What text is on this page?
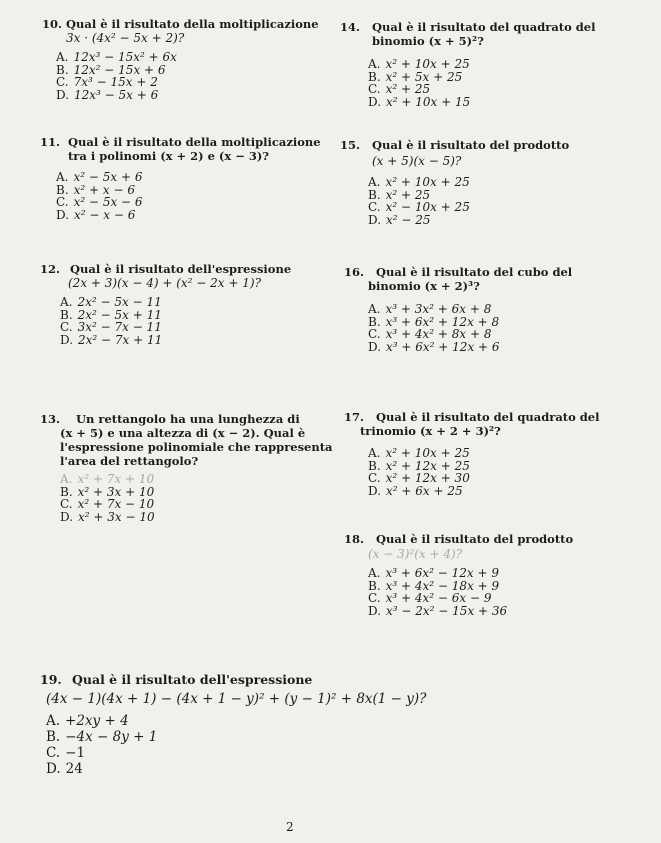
10. Qual è il risultato della moltiplicazione
3x · (4x² − 5x + 2)?
A. 12x³ − 15x² + 6x
B. 12x² − 15x + 6
C. 7x³ − 15x + 2
D. 12x³ − 5x + 6
14. Qual è il risultato del quadrato del
binomio (x + 5)²?
A. x² + 10x + 25
B. x² + 5x + 25
C. x² + 25
D. x² + 10x + 15
11. Qual è il risultato della moltiplicazione
tra i polinomi (x + 2) e (x − 3)?
A. x² − 5x + 6
B. x² + x − 6
C. x² − 5x − 6
D. x² − x − 6
15. Qual è il risultato del prodotto
(x + 5)(x − 5)?
A. x² + 10x + 25
B. x² + 25
C. x² − 10x + 25
D. x² − 25
12. Qual è il risultato dell'espressione
(2x + 3)(x − 4) + (x² − 2x + 1)?
A. 2x² − 5x − 11
B. 2x² − 5x + 11
C. 3x² − 7x − 11
D. 2x² − 7x + 11
16. Qual è il risultato del cubo del
binomio (x + 2)³?
A. x³ + 3x² + 6x + 8
B. x³ + 6x² + 12x + 8
C. x³ + 4x² + 8x + 8
D. x³ + 6x² + 12x + 6
13. Un rettangolo ha una lunghezza di
(x + 5) e una altezza di (x − 2). Qual è
l'espressione polinomiale che rappresenta
l'area del rettangolo?
A. x² + 7x + 10
B. x² + 3x + 10
C. x² + 7x − 10
D. x² + 3x − 10
17. Qual è il risultato del quadrato del
trinomio (x + 2 + 3)²?
A. x² + 10x + 25
B. x² + 12x + 25
C. x² + 12x + 30
D. x² + 6x + 25
18. Qual è il risultato del prodotto
(x − 3)²(x + 4)?
A. x³ + 6x² − 12x + 9
B. x³ + 4x² − 18x + 9
C. x³ + 4x² − 6x − 9
D. x³ − 2x² − 15x + 36
19. Qual è il risultato dell'espressione
(4x − 1)(4x + 1) − (4x + 1 − y)² + (y − 1)² + 8x(1 − y)?
A. +2xy + 4
B. −4x − 8y + 1
C. −1
D. 24
2
